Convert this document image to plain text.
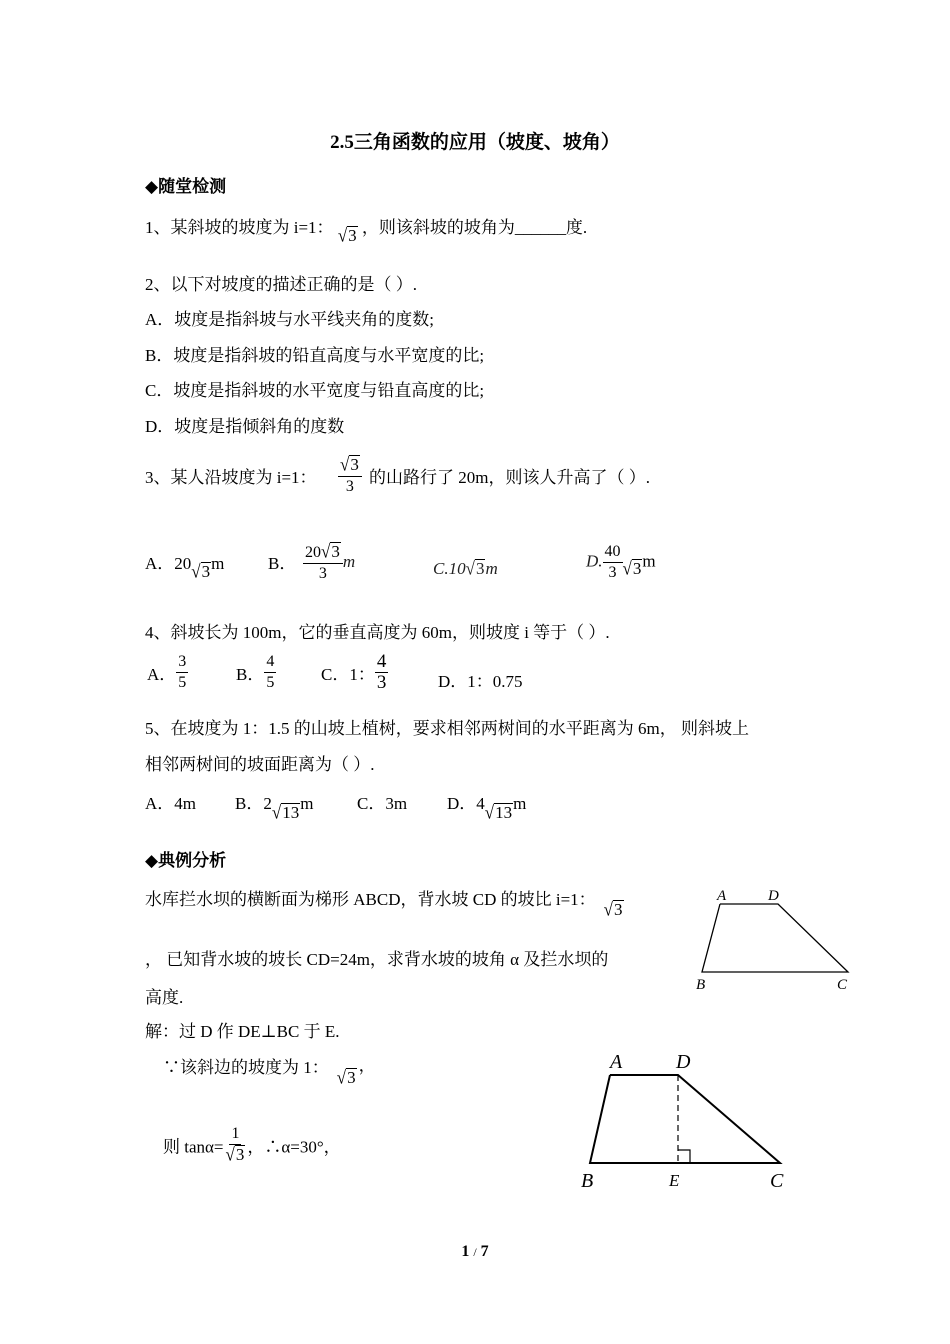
2.5三角函数的应用（坡度、坡角）
◆随堂检测
1、某斜坡的坡度为 i=1： √3 ，则该斜坡的坡角为______度.
2、以下对坡度的描述正确的是（ ）.
A．坡度是指斜坡与水平线夹角的度数;
B．坡度是指斜坡的铅直高度与水平宽度的比;
C．坡度是指斜坡的水平宽度与铅直高度的比;
D．坡度是指倾斜角的度数
3、某人沿坡度为 i=1： $\frac{√3}{3}$ 的山路行了 20m，则该人升高了（ ）.
A．20√3m	B． $\frac{20√3}{3}$ m	C.10√3m	D. $\frac{40}{3} √3m$
4、斜坡长为 100m，它的垂直高度为 60m，则坡度 i 等于（ ）.
A． $\frac{3}{5}$	B． $\frac{4}{5}$	C．1： $\frac{4}{3}$	D．1：0.75
5、在坡度为 1：1.5 的山坡上植树，要求相邻两树间的水平距离为 6m， 则斜坡上
相邻两树间的坡面距离为（ ）.
A．4m B．2√13m	C．3m D．4√13m
◆典例分析
水库拦水坝的横断面为梯形 ABCD，背水坡 CD 的坡比 i=1： √3
， 已知背水坡的坡长 CD=24m，求背水坡的坡角 α 及拦水坝的
高度.
解：过 D 作 DE⊥BC 于 E.
∵该斜边的坡度为 1： √3，
则 $\tan\alpha= \frac{1}{√3}$ ，∴α=30°，
A	D
B	C
A	D
B	E	C
1 / 7
